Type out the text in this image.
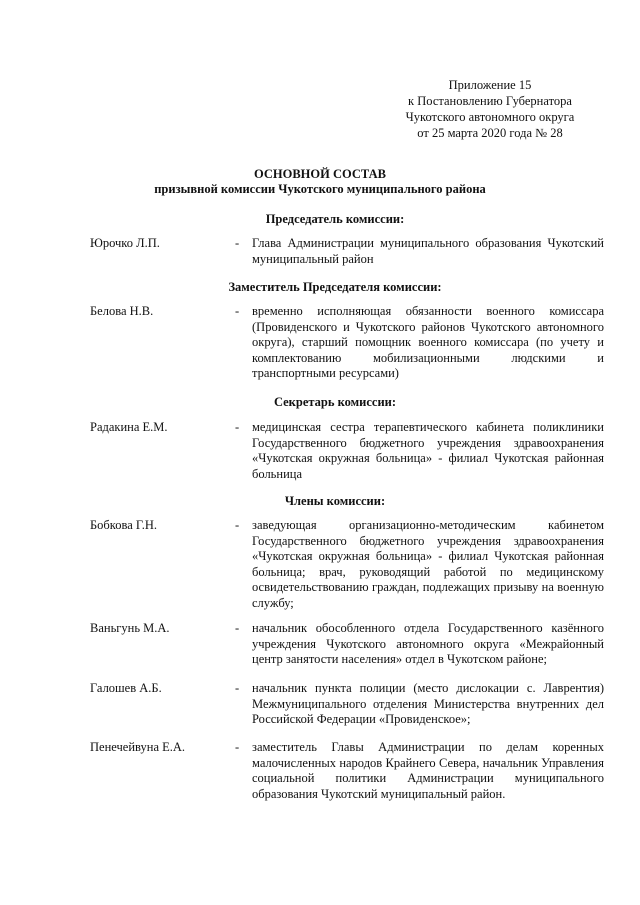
Приложение 15
к Постановлению Губернатора
Чукотского автономного округа
от 25 марта 2020 года № 28
ОСНОВНОЙ СОСТАВ
призывной комиссии Чукотского муниципального района
Председатель комиссии:
Юрочко Л.П.	-	Глава Администрации муниципального образования Чукотский муниципальный район
Заместитель Председателя комиссии:
Белова Н.В.	-	временно исполняющая обязанности военного комиссара (Провиденского и Чукотского районов Чукотского автономного округа), старший помощник военного комиссара (по учету и комплектованию мобилизационными людскими и транспортными ресурсами)
Секретарь комиссии:
Радакина Е.М.	-	медицинская сестра терапевтического кабинета поликлиники Государственного бюджетного учреждения здравоохранения «Чукотская окружная больница» - филиал Чукотская районная больница
Члены комиссии:
Бобкова Г.Н.	-	заведующая организационно-методическим кабинетом Государственного бюджетного учреждения здравоохранения «Чукотская окружная больница» - филиал Чукотская районная больница; врач, руководящий работой по медицинскому освидетельствованию граждан, подлежащих призыву на военную службу;
Ваньгунь М.А.	-	начальник обособленного отдела Государственного казённого учреждения Чукотского автономного округа «Межрайонный центр занятости населения» отдел в Чукотском районе;
Галошев А.Б.	-	начальник пункта полиции (место дислокации с. Лаврентия) Межмуниципального отделения Министерства внутренних дел Российской Федерации «Провиденское»;
Пенечейвуна Е.А.	-	заместитель Главы Администрации по делам коренных малочисленных народов Крайнего Севера, начальник Управления социальной политики Администрации муниципального образования Чукотский муниципальный район.
